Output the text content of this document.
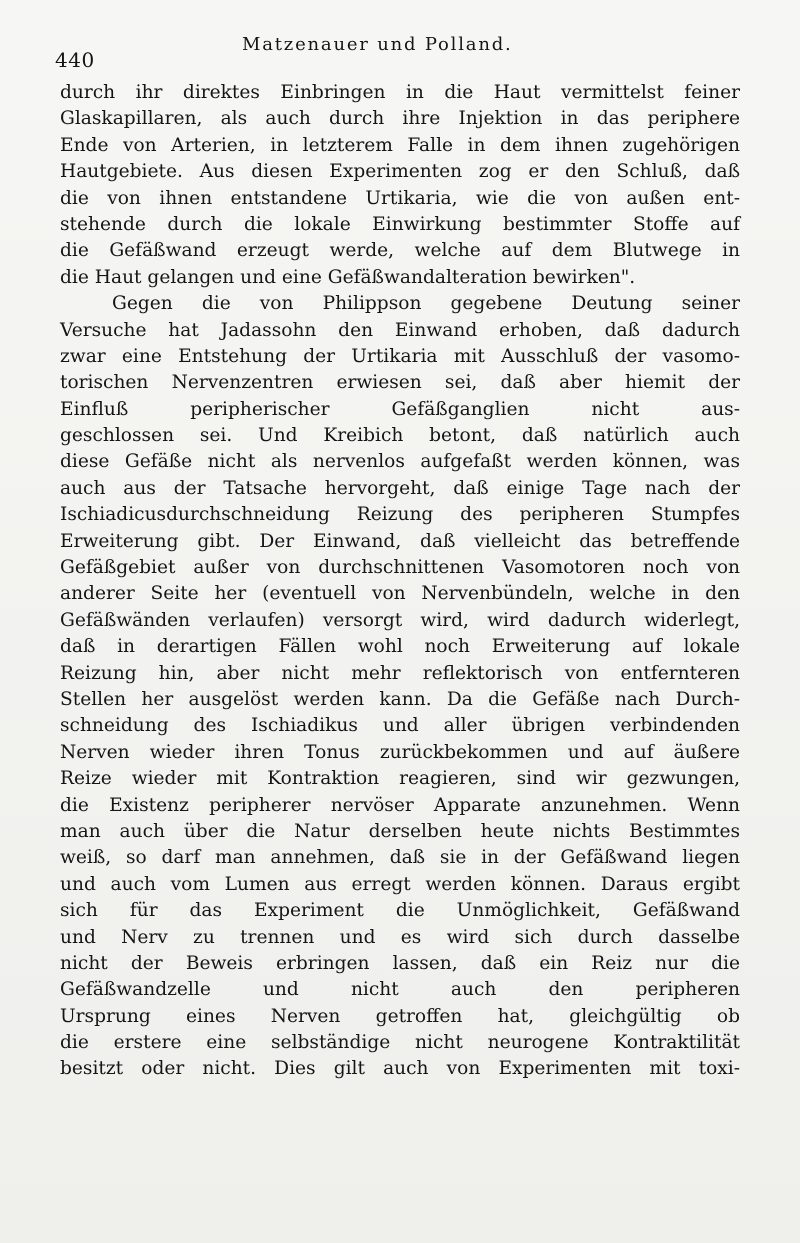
440
Matzenauer und Polland.
durch ihr direktes Einbringen in die Haut vermittelst feiner
Glaskapillaren, als auch durch ihre Injektion in das periphere
Ende von Arterien, in letzterem Falle in dem ihnen zugehörigen
Hautgebiete. Aus diesen Experimenten zog er den Schluß, daß
die von ihnen entstandene Urtikaria, wie die von außen ent-
stehende durch die lokale Einwirkung bestimmter Stoffe auf
die Gefäßwand erzeugt werde, welche auf dem Blutwege in
die Haut gelangen und eine Gefäßwandalteration bewirken".
Gegen die von Philippson gegebene Deutung seiner
Versuche hat Jadassohn den Einwand erhoben, daß dadurch
zwar eine Entstehung der Urtikaria mit Ausschluß der vasomo-
torischen Nervenzentren erwiesen sei, daß aber hiemit der
Einfluß peripherischer Gefäßganglien nicht aus-
geschlossen sei. Und Kreibich betont, daß natürlich auch
diese Gefäße nicht als nervenlos aufgefaßt werden können, was
auch aus der Tatsache hervorgeht, daß einige Tage nach der
Ischiadicusdurchschneidung Reizung des peripheren Stumpfes
Erweiterung gibt. Der Einwand, daß vielleicht das betreffende
Gefäßgebiet außer von durchschnittenen Vasomotoren noch von
anderer Seite her (eventuell von Nervenbündeln, welche in den
Gefäßwänden verlaufen) versorgt wird, wird dadurch widerlegt,
daß in derartigen Fällen wohl noch Erweiterung auf lokale
Reizung hin, aber nicht mehr reflektorisch von entfernteren
Stellen her ausgelöst werden kann. Da die Gefäße nach Durch-
schneidung des Ischiadikus und aller übrigen verbindenden
Nerven wieder ihren Tonus zurückbekommen und auf äußere
Reize wieder mit Kontraktion reagieren, sind wir gezwungen,
die Existenz peripherer nervöser Apparate anzunehmen. Wenn
man auch über die Natur derselben heute nichts Bestimmtes
weiß, so darf man annehmen, daß sie in der Gefäßwand liegen
und auch vom Lumen aus erregt werden können. Daraus ergibt
sich für das Experiment die Unmöglichkeit, Gefäßwand
und Nerv zu trennen und es wird sich durch dasselbe
nicht der Beweis erbringen lassen, daß ein Reiz nur die
Gefäßwandzelle und nicht auch den peripheren
Ursprung eines Nerven getroffen hat, gleichgültig ob
die erstere eine selbständige nicht neurogene Kontraktilität
besitzt oder nicht. Dies gilt auch von Experimenten mit toxi-
